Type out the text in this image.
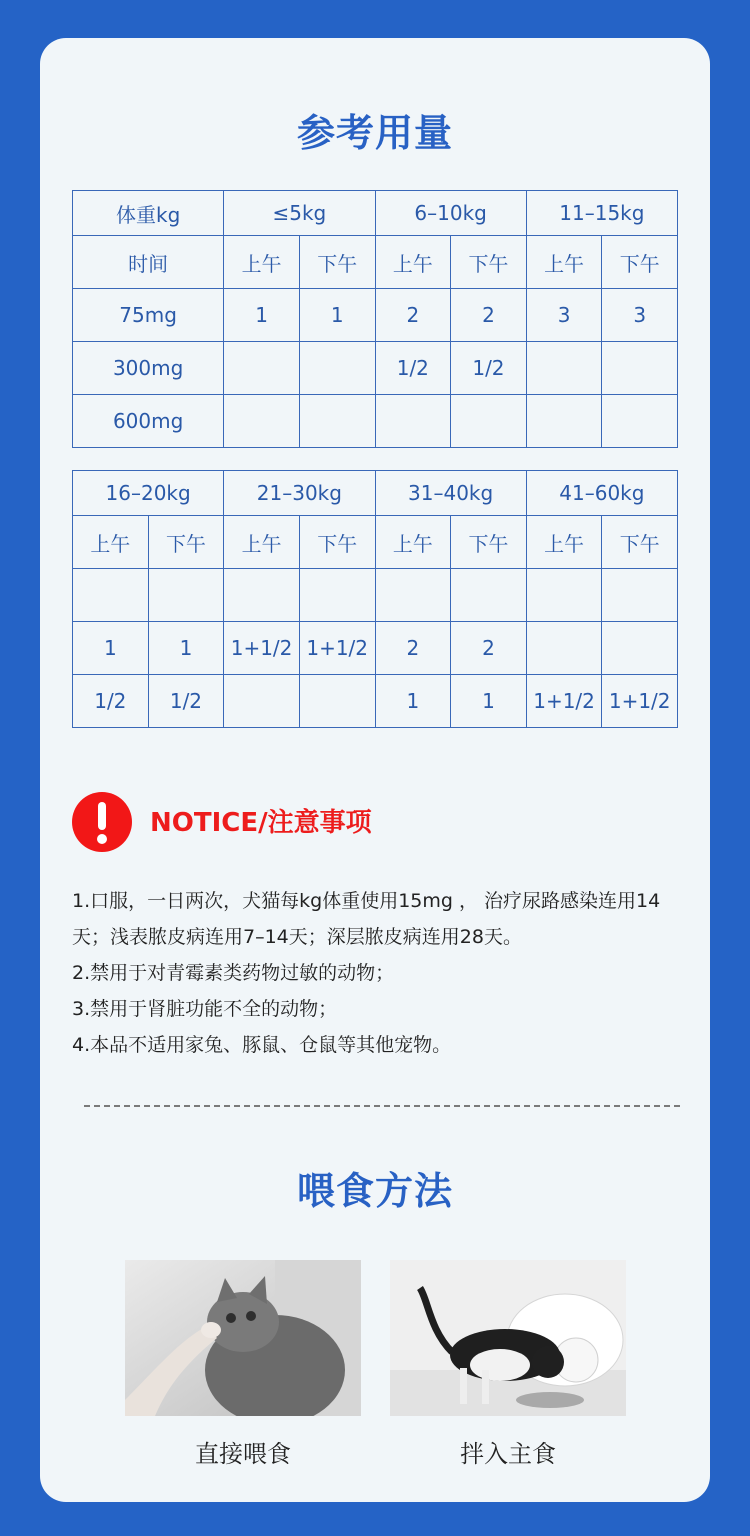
参考用量
体重kg	≤5kg		6–10kg		11–15kg	
时间	上午	下午	上午	下午	上午	下午
75mg	1	1	2	2	3	3
300mg			1/2	1/2		
600mg						
16–20kg		21–30kg		31–40kg		41–60kg	
上午	下午	上午	下午	上午	下午	上午	下午

1	1	1+1/2	1+1/2	2	2		
1/2	1/2			1	1	1+1/2	1+1/2
NOTICE/注意事项
1.口服，一日两次，犬猫每kg体重使用15mg ， 治疗尿路感染连用14天；浅表脓皮病连用7–14天；深层脓皮病连用28天。
2.禁用于对青霉素类药物过敏的动物；
3.禁用于肾脏功能不全的动物；
4.本品不适用家兔、豚鼠、仓鼠等其他宠物。
喂食方法
直接喂食	拌入主食
